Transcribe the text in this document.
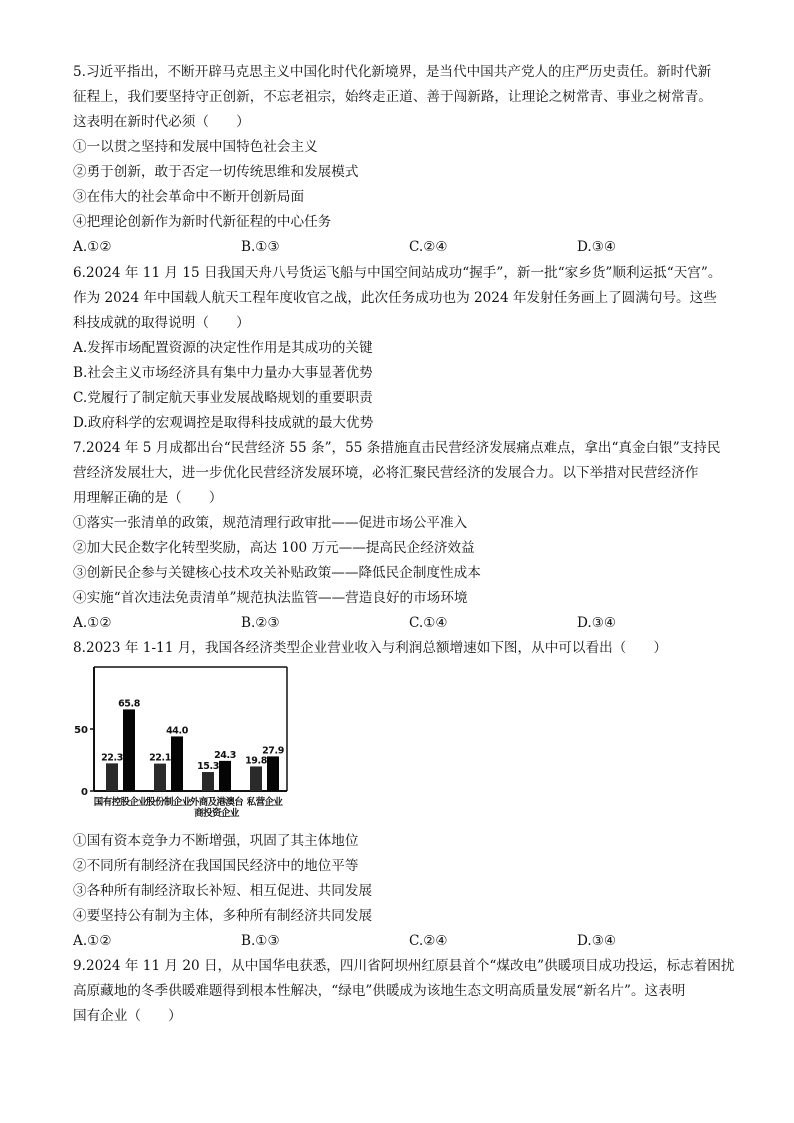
5.习近平指出，不断开辟马克思主义中国化时代化新境界，是当代中国共产党人的庄严历史责任。新时代新
征程上，我们要坚持守正创新，不忘老祖宗，始终走正道、善于闯新路，让理论之树常青、事业之树常青。
这表明在新时代必须（　　）
①一以贯之坚持和发展中国特色社会主义
②勇于创新，敢于否定一切传统思维和发展模式
③在伟大的社会革命中不断开创新局面
④把理论创新作为新时代新征程的中心任务
A.①②	B.①③	C.②④	D.③④
6.2024 年 11 月 15 日我国天舟八号货运飞船与中国空间站成功“握手”，新一批“家乡货”顺利运抵“天宫”。
作为 2024 年中国载人航天工程年度收官之战，此次任务成功也为 2024 年发射任务画上了圆满句号。这些
科技成就的取得说明（　　）
A.发挥市场配置资源的决定性作用是其成功的关键
B.社会主义市场经济具有集中力量办大事显著优势
C.党履行了制定航天事业发展战略规划的重要职责
D.政府科学的宏观调控是取得科技成就的最大优势
7.2024 年 5 月成都出台“民营经济 55 条”，55 条措施直击民营经济发展痛点难点，拿出“真金白银”支持民
营经济发展壮大，进一步优化民营经济发展环境，必将汇聚民营经济的发展合力。以下举措对民营经济作
用理解正确的是（　　）
①落实一张清单的政策，规范清理行政审批——促进市场公平准入
②加大民企数字化转型奖励，高达 100 万元——提高民企经济效益
③创新民企参与关键核心技术攻关补贴政策——降低民企制度性成本
④实施“首次违法免责清单”规范执法监管——营造良好的市场环境
A.①②	B.②③	C.①④	D.③④
8.2023 年 1-11 月，我国各经济类型企业营业收入与利润总额增速如下图，从中可以看出（　　）
0
50
22.3
65.8
国有控股企业
22.1
44.0
股份制企业
15.3
24.3
外商及港澳台
商投资企业
19.8
27.9
私营企业
①国有资本竞争力不断增强，巩固了其主体地位
②不同所有制经济在我国国民经济中的地位平等
③各种所有制经济取长补短、相互促进、共同发展
④要坚持公有制为主体，多种所有制经济共同发展
A.①②	B.①③	C.②④	D.③④
9.2024 年 11 月 20 日，从中国华电获悉，四川省阿坝州红原县首个“煤改电”供暖项目成功投运，标志着困扰
高原藏地的冬季供暖难题得到根本性解决，“绿电”供暖成为该地生态文明高质量发展“新名片”。这表明
国有企业（　　）
